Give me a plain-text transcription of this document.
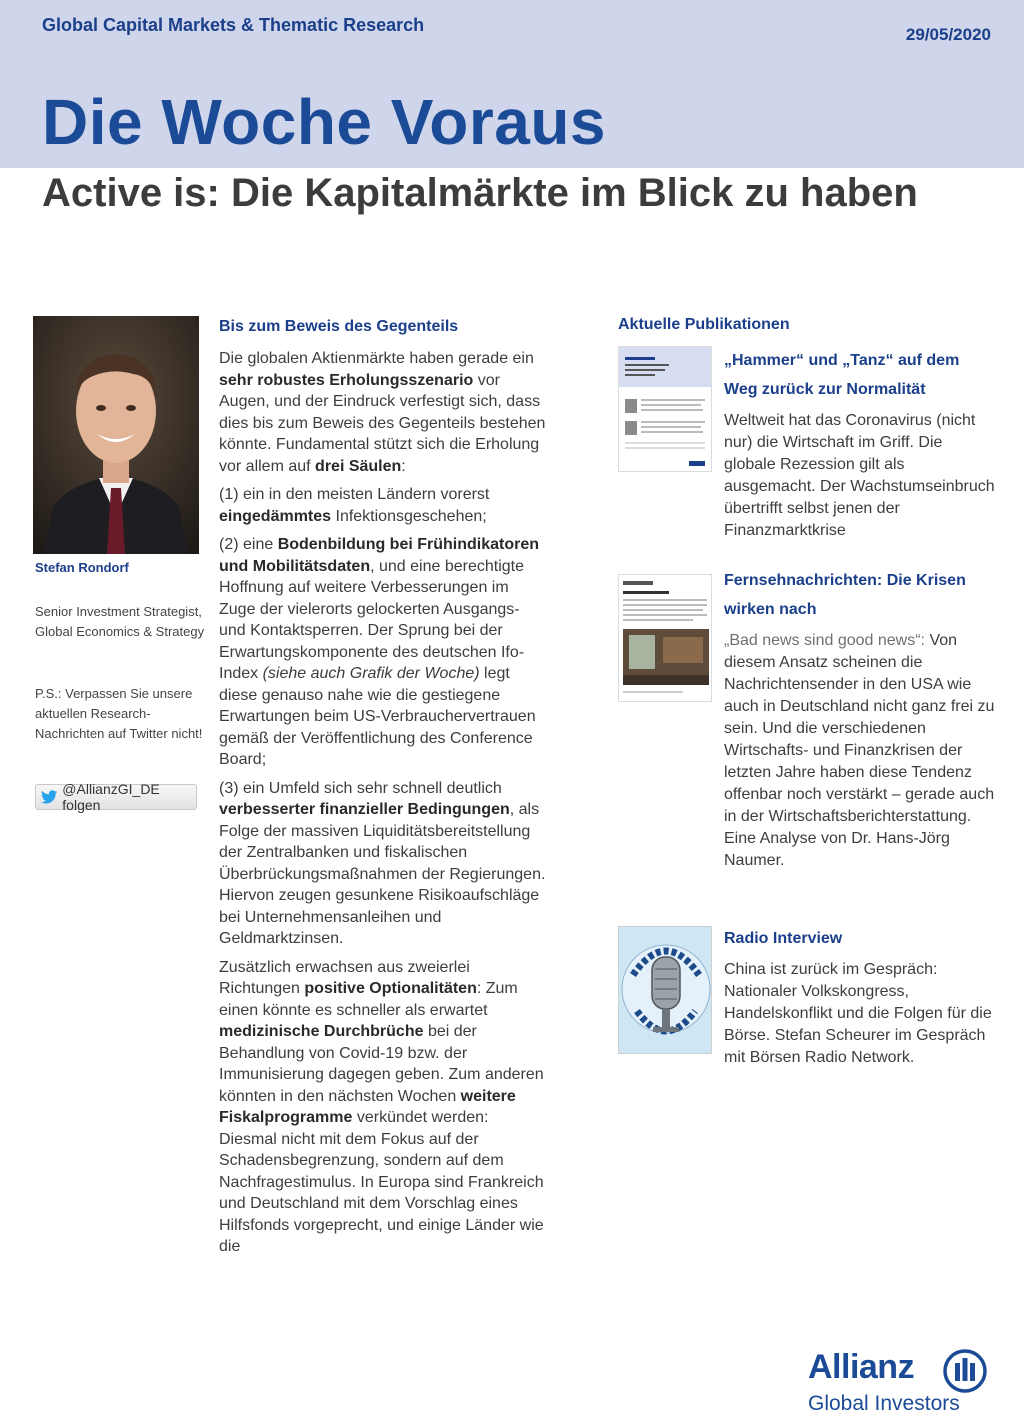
Global Capital Markets & Thematic Research	29/05/2020
Die Woche Voraus
Active is: Die Kapitalmärkte im Blick zu haben
Stefan Rondorf
Senior Investment Strategist, Global Economics & Strategy
P.S.: Verpassen Sie unsere aktuellen Research-Nachrichten auf Twitter nicht!
@AllianzGI_DE folgen
Bis zum Beweis des Gegenteils

Die globalen Aktienmärkte haben gerade ein sehr robustes Erholungsszenario vor Augen, und der Eindruck verfestigt sich, dass dies bis zum Beweis des Gegenteils bestehen könnte. Fundamental stützt sich die Erholung vor allem auf drei Säulen:

(1) ein in den meisten Ländern vorerst eingedämmtes Infektionsgeschehen;

(2) eine Bodenbildung bei Frühindikatoren und Mobilitätsdaten, und eine berechtigte Hoffnung auf weitere Verbesserungen im Zuge der vielerorts gelockerten Ausgangs- und Kontaktsperren. Der Sprung bei der Erwartungskomponente des deutschen Ifo-Index (siehe auch Grafik der Woche) legt diese genauso nahe wie die gestiegene Erwartungen beim US-Verbrauchervertrauen gemäß der Veröffentlichung des Conference Board;

(3) ein Umfeld sich sehr schnell deutlich verbesserter finanzieller Bedingungen, als Folge der massiven Liquiditätsbereitstellung der Zentralbanken und fiskalischen Überbrückungsmaßnahmen der Regierungen. Hiervon zeugen gesunkene Risikoaufschläge bei Unternehmensanleihen und Geldmarktzinsen.

Zusätzlich erwachsen aus zweierlei Richtungen positive Optionalitäten: Zum einen könnte es schneller als erwartet medizinische Durchbrüche bei der Behandlung von Covid-19 bzw. der Immunisierung dagegen geben. Zum anderen könnten in den nächsten Wochen weitere Fiskalprogramme verkündet werden: Diesmal nicht mit dem Fokus auf der Schadensbegrenzung, sondern auf dem Nachfragestimulus. In Europa sind Frankreich und Deutschland mit dem Vorschlag eines Hilfsfonds vorgeprecht, und einige Länder wie die

Aktuelle Publikationen
„Hammer“ und „Tanz“ auf dem Weg zurück zur Normalität

Weltweit hat das Coronavirus (nicht nur) die Wirtschaft im Griff. Die globale Rezession gilt als ausgemacht. Der Wachstumseinbruch übertrifft selbst jenen der Finanzmarktkrise

Fernsehnachrichten: Die Krisen wirken nach

„Bad news sind good news“: Von diesem Ansatz scheinen die Nachrichtensender in den USA wie auch in Deutschland nicht ganz frei zu sein. Und die verschiedenen Wirtschafts- und Finanzkrisen der letzten Jahre haben diese Tendenz offenbar noch verstärkt – gerade auch in der Wirtschaftsberichterstattung. Eine Analyse von Dr. Hans-Jörg Naumer.

Radio Interview

China ist zurück im Gespräch: Nationaler Volkskongress, Handelskonflikt und die Folgen für die Börse. Stefan Scheurer im Gespräch mit Börsen Radio Network.

Allianz
Global Investors
